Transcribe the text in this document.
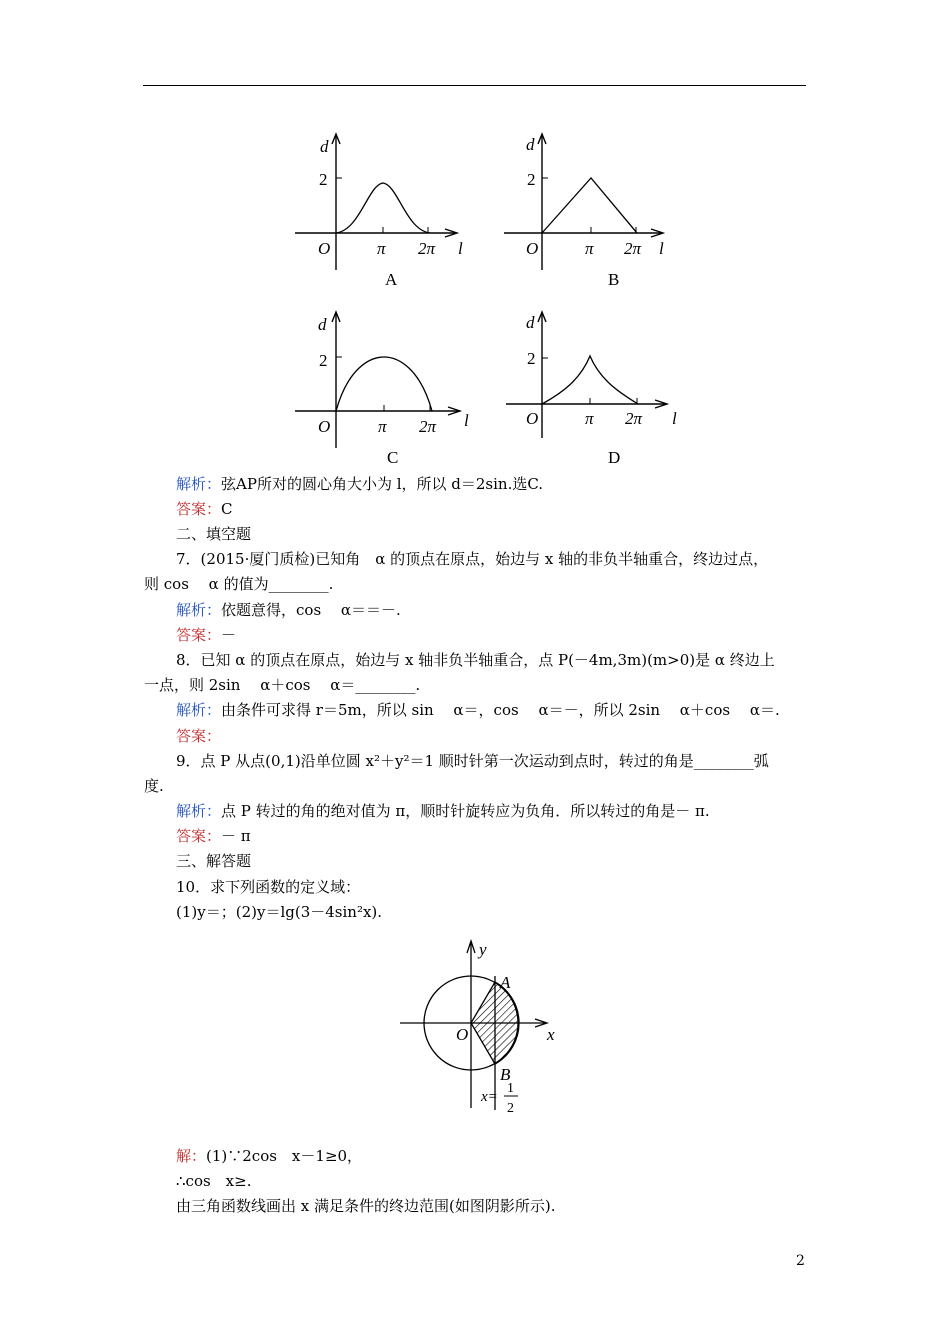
d
2
O	π 2π l
A
d
2
O	π 2π l
B
d
2
O	π 2π l
C
d
2
O	π 2π l
D
解析：弦AP所对的圆心角大小为 l，所以 d＝2sin.选C.
答案：C
二、填空题
7．(2015·厦门质检)已知角　α 的顶点在原点，始边与 x 轴的非负半轴重合，终边过点，
则 cos　 α 的值为________.
解析：依题意得，cos　 α＝＝－.
答案：－
8．已知 α 的顶点在原点，始边与 x 轴非负半轴重合，点 P(－4m,3m)(m>0)是 α 终边上
一点，则 2sin　 α＋cos　 α＝________.
解析：由条件可求得 r＝5m，所以 sin　 α＝，cos　 α＝－，所以 2sin　 α＋cos　 α＝.
答案：
9．点 P 从点(0,1)沿单位圆 x²＋y²＝1 顺时针第一次运动到点时，转过的角是________弧
度.
解析：点 P 转过的角的绝对值为 π，顺时针旋转应为负角．所以转过的角是－ π.
答案：－ π
三、解答题
10．求下列函数的定义域：
(1)y＝；(2)y＝lg(3－4sin²x).
y
x
O
A
B
x=
1
2
解：(1)∵2cos　x－1≥0，
∴cos　x≥.
由三角函数线画出 x 满足条件的终边范围(如图阴影所示).
2
